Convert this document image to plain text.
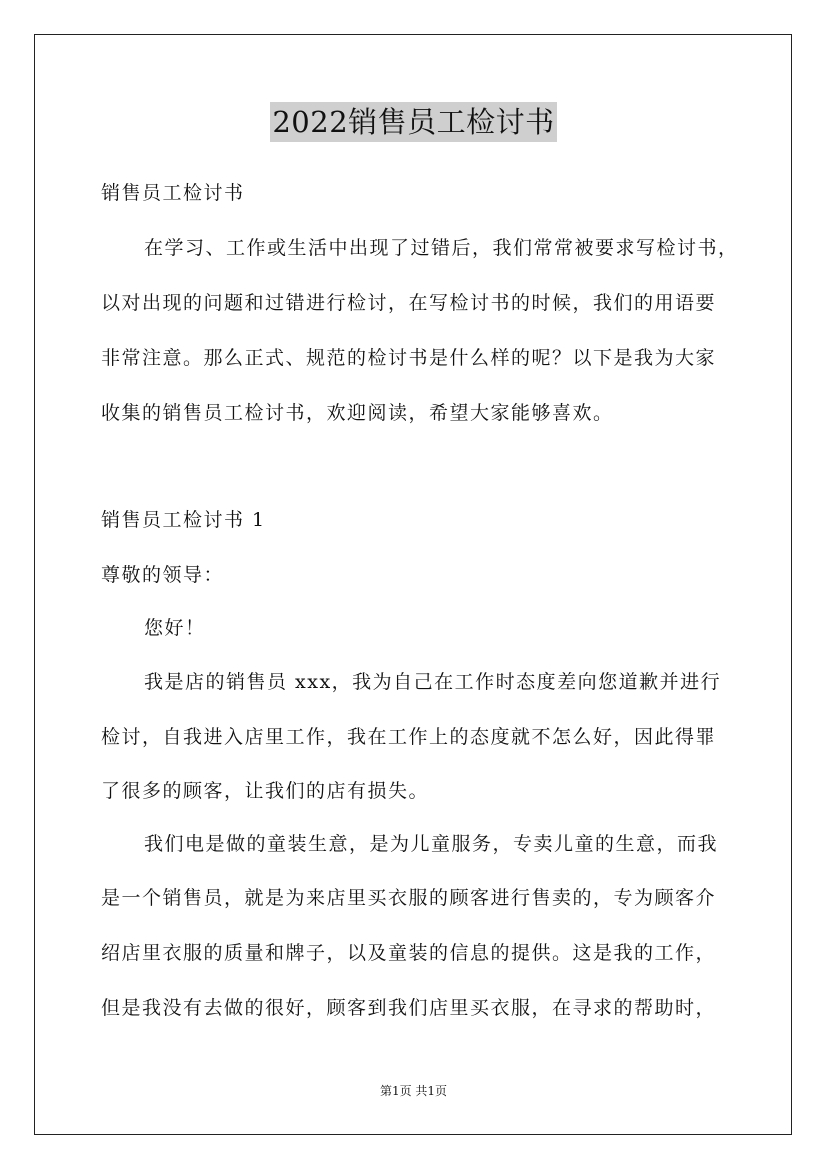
2022销售员工检讨书
销售员工检讨书
在学习、工作或生活中出现了过错后，我们常常被要求写检讨书，
以对出现的问题和过错进行检讨，在写检讨书的时候，我们的用语要
非常注意。那么正式、规范的检讨书是什么样的呢？以下是我为大家
收集的销售员工检讨书，欢迎阅读，希望大家能够喜欢。
销售员工检讨书 1
尊敬的领导：
您好！
我是店的销售员 xxx，我为自己在工作时态度差向您道歉并进行
检讨，自我进入店里工作，我在工作上的态度就不怎么好，因此得罪
了很多的顾客，让我们的店有损失。
我们电是做的童装生意，是为儿童服务，专卖儿童的生意，而我
是一个销售员，就是为来店里买衣服的顾客进行售卖的，专为顾客介
绍店里衣服的质量和牌子，以及童装的信息的提供。这是我的工作，
但是我没有去做的很好，顾客到我们店里买衣服，在寻求的帮助时，
第1页 共1页
